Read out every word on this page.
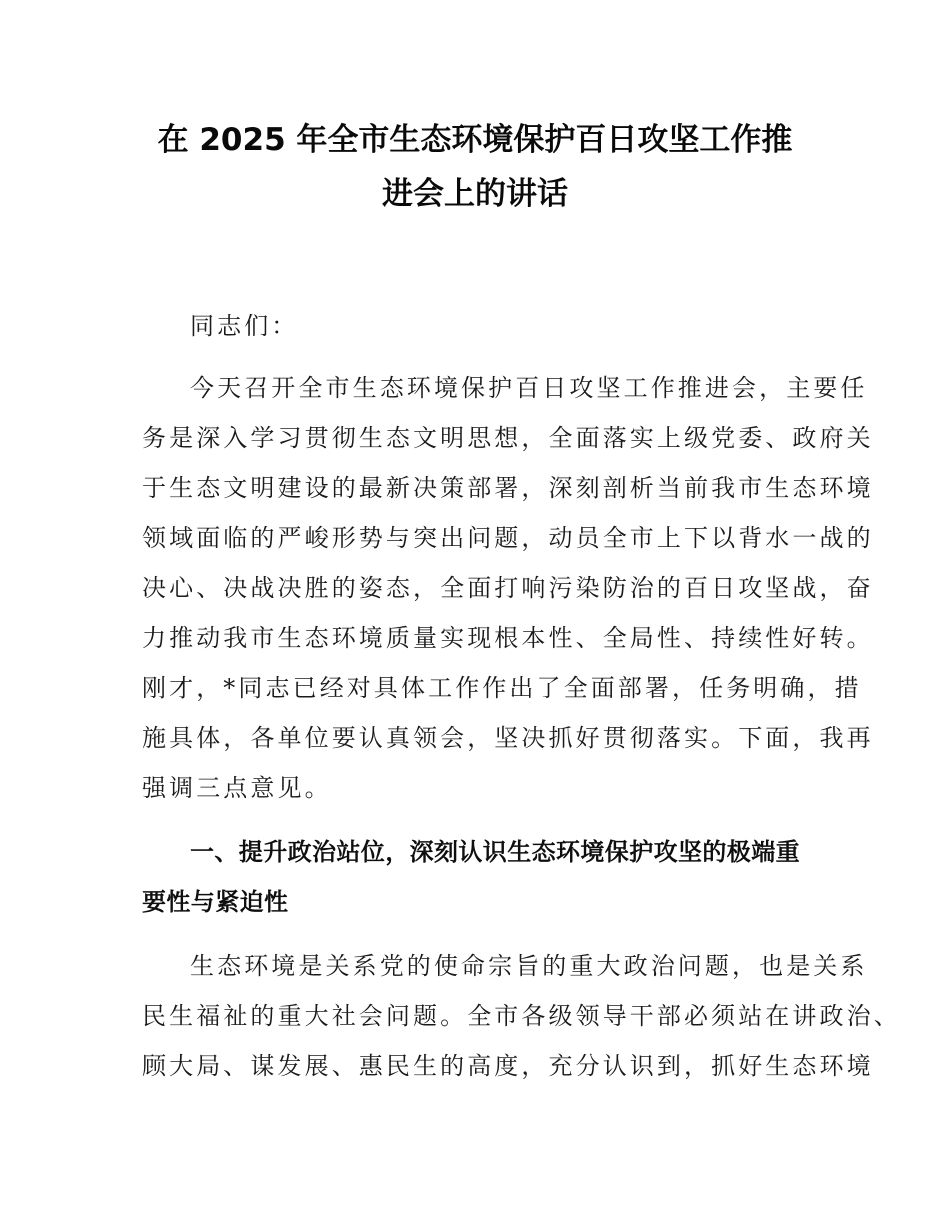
在 2025 年全市生态环境保护百日攻坚工作推
进会上的讲话
同志们：
今天召开全市生态环境保护百日攻坚工作推进会，主要任
务是深入学习贯彻生态文明思想，全面落实上级党委、政府关
于生态文明建设的最新决策部署，深刻剖析当前我市生态环境
领域面临的严峻形势与突出问题，动员全市上下以背水一战的
决心、决战决胜的姿态，全面打响污染防治的百日攻坚战，奋
力推动我市生态环境质量实现根本性、全局性、持续性好转。
刚才，*同志已经对具体工作作出了全面部署，任务明确，措
施具体，各单位要认真领会，坚决抓好贯彻落实。下面，我再
强调三点意见。
一、提升政治站位，深刻认识生态环境保护攻坚的极端重
要性与紧迫性
生态环境是关系党的使命宗旨的重大政治问题，也是关系
民生福祉的重大社会问题。全市各级领导干部必须站在讲政治、
顾大局、谋发展、惠民生的高度，充分认识到，抓好生态环境
